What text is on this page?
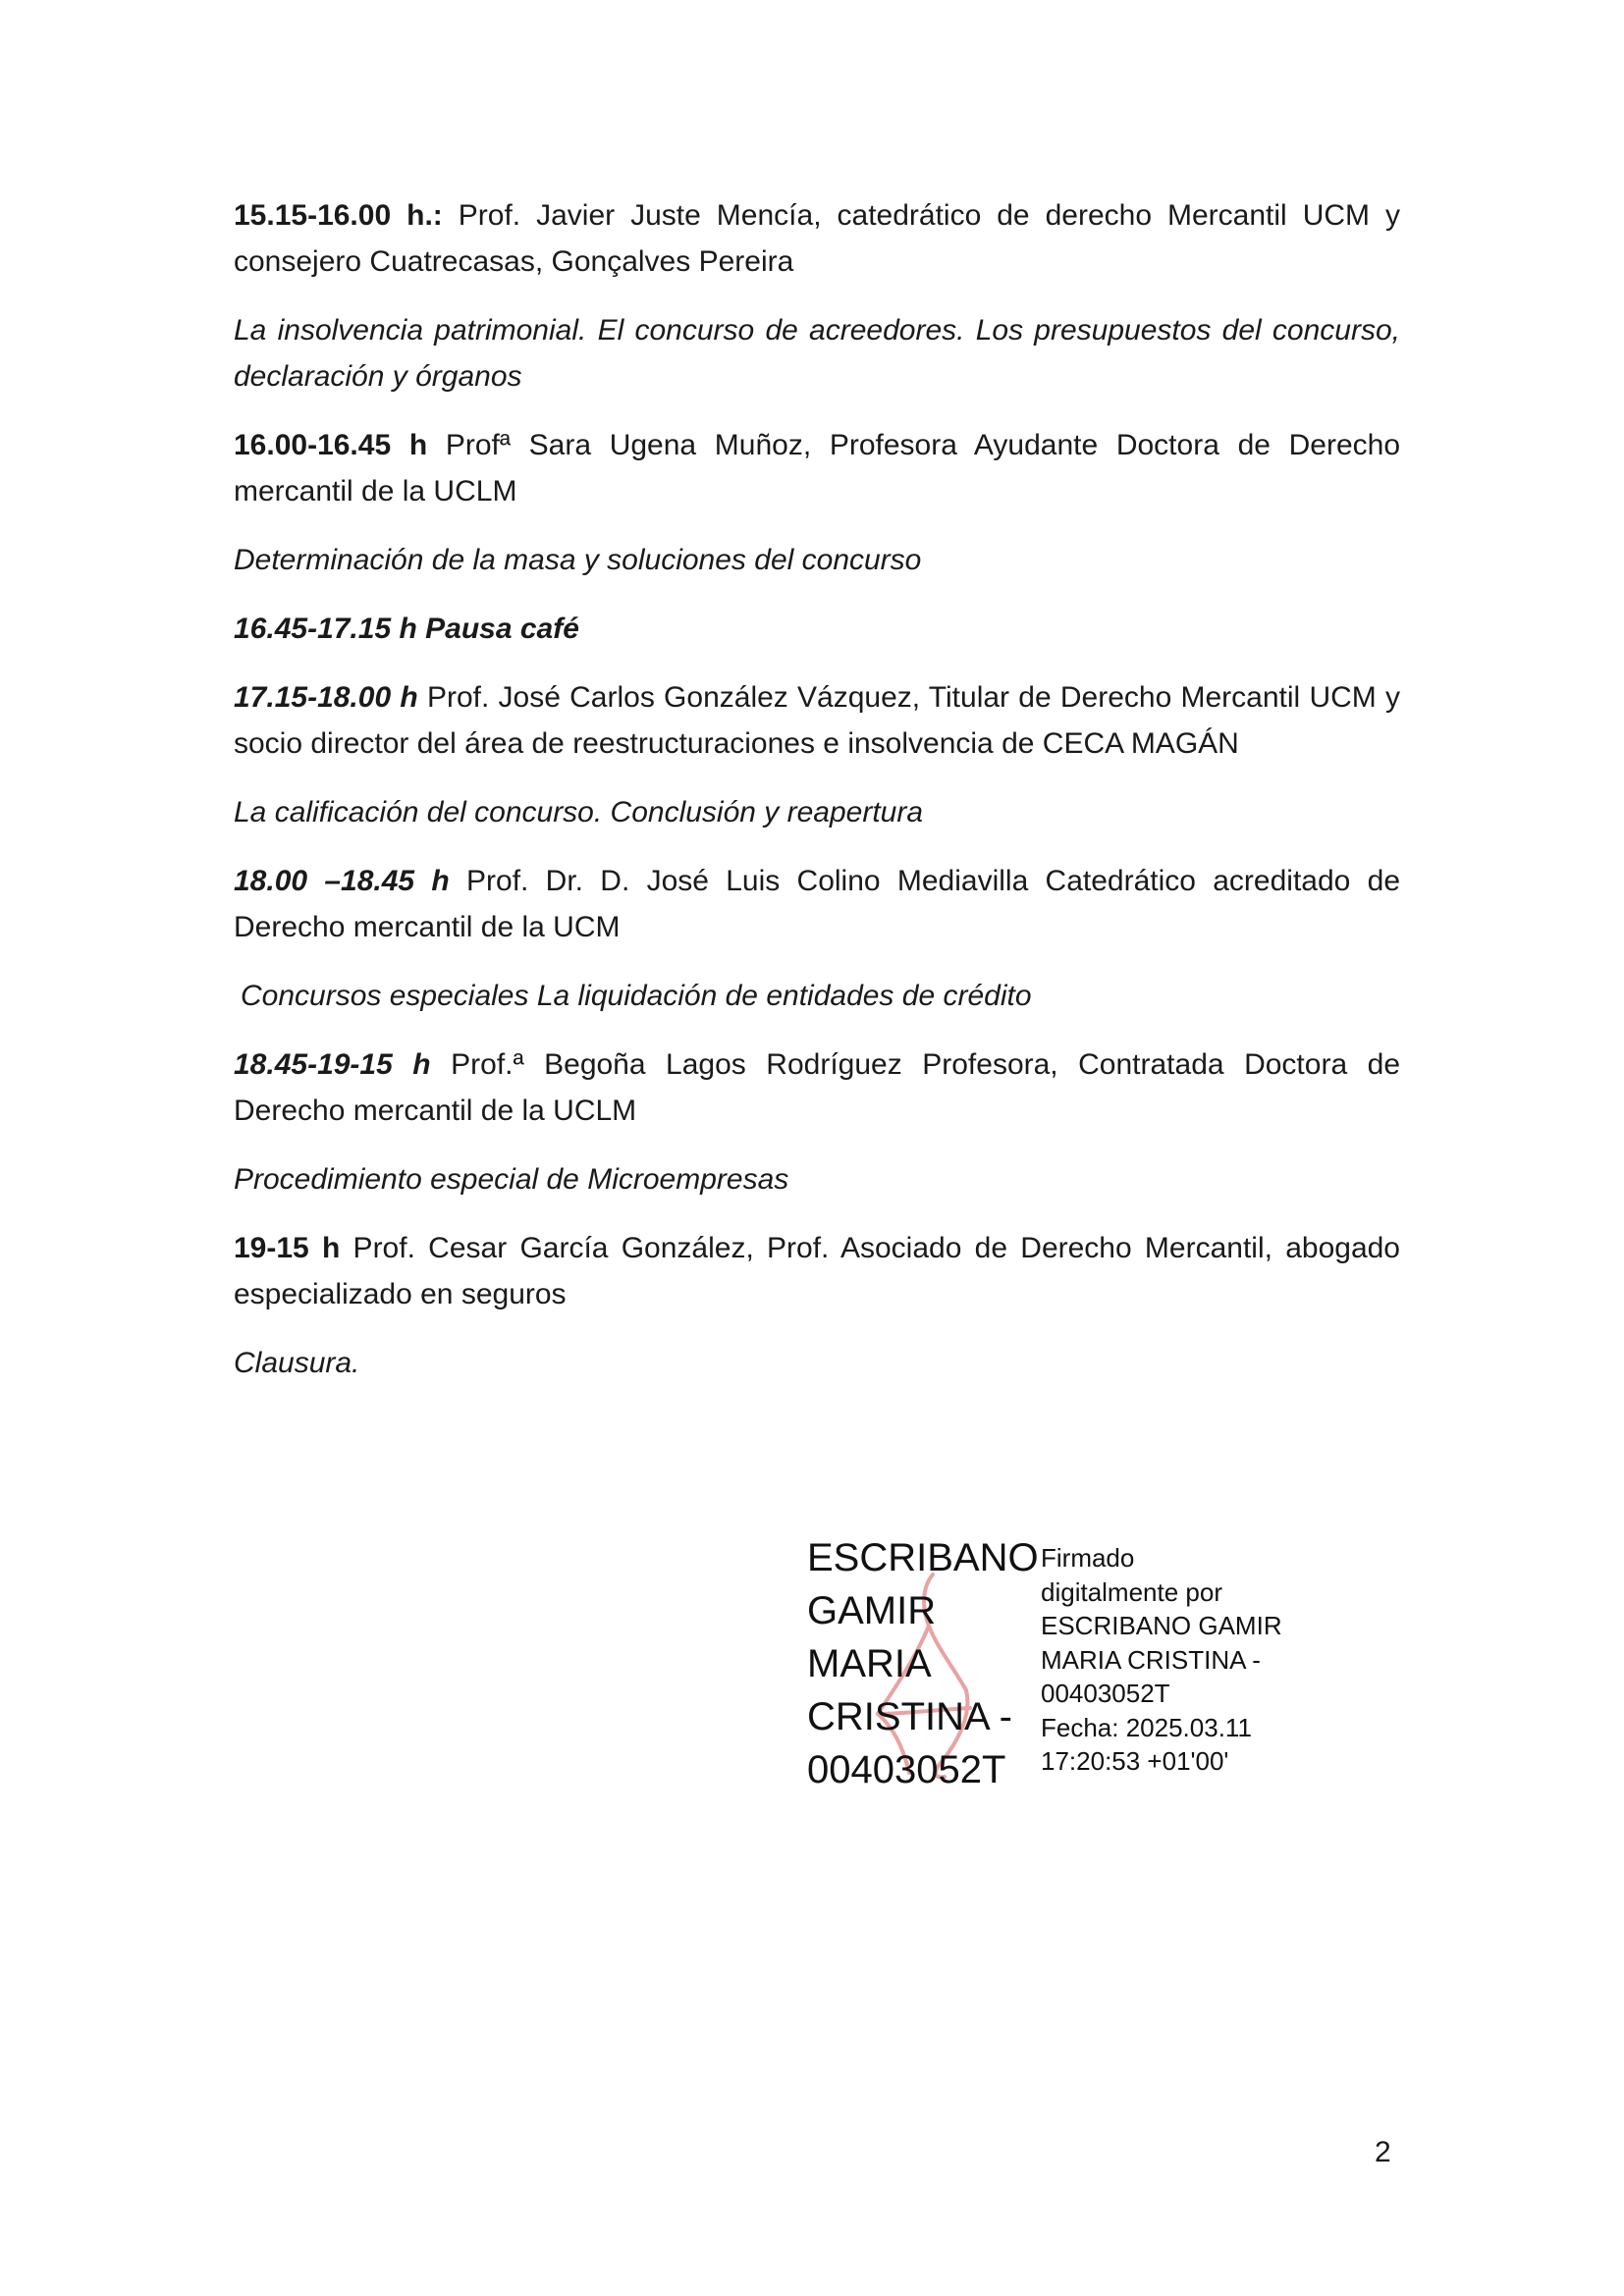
15.15-16.00 h.: Prof. Javier Juste Mencía, catedrático de derecho Mercantil UCM y consejero Cuatrecasas, Gonçalves Pereira

La insolvencia patrimonial. El concurso de acreedores. Los presupuestos del concurso, declaración y órganos

16.00-16.45 h Profª Sara Ugena Muñoz, Profesora Ayudante Doctora de Derecho mercantil de la UCLM

Determinación de la masa y soluciones del concurso

16.45-17.15 h Pausa café

17.15-18.00 h Prof. José Carlos González Vázquez, Titular de Derecho Mercantil UCM y socio director del área de reestructuraciones e insolvencia de CECA MAGÁN

La calificación del concurso. Conclusión y reapertura

18.00 –18.45 h Prof. Dr. D. José Luis Colino Mediavilla Catedrático acreditado de Derecho mercantil de la UCM

Concursos especiales La liquidación de entidades de crédito

18.45-19-15 h Prof.ª Begoña Lagos Rodríguez Profesora, Contratada Doctora de Derecho mercantil de la UCLM

Procedimiento especial de Microempresas

19-15 h Prof. Cesar García González, Prof. Asociado de Derecho Mercantil, abogado especializado en seguros

Clausura.

ESCRIBANO
GAMIR
MARIA
CRISTINA -
00403052T
Firmado
digitalmente por
ESCRIBANO GAMIR
MARIA CRISTINA -
00403052T
Fecha: 2025.03.11
17:20:53 +01'00'
2
